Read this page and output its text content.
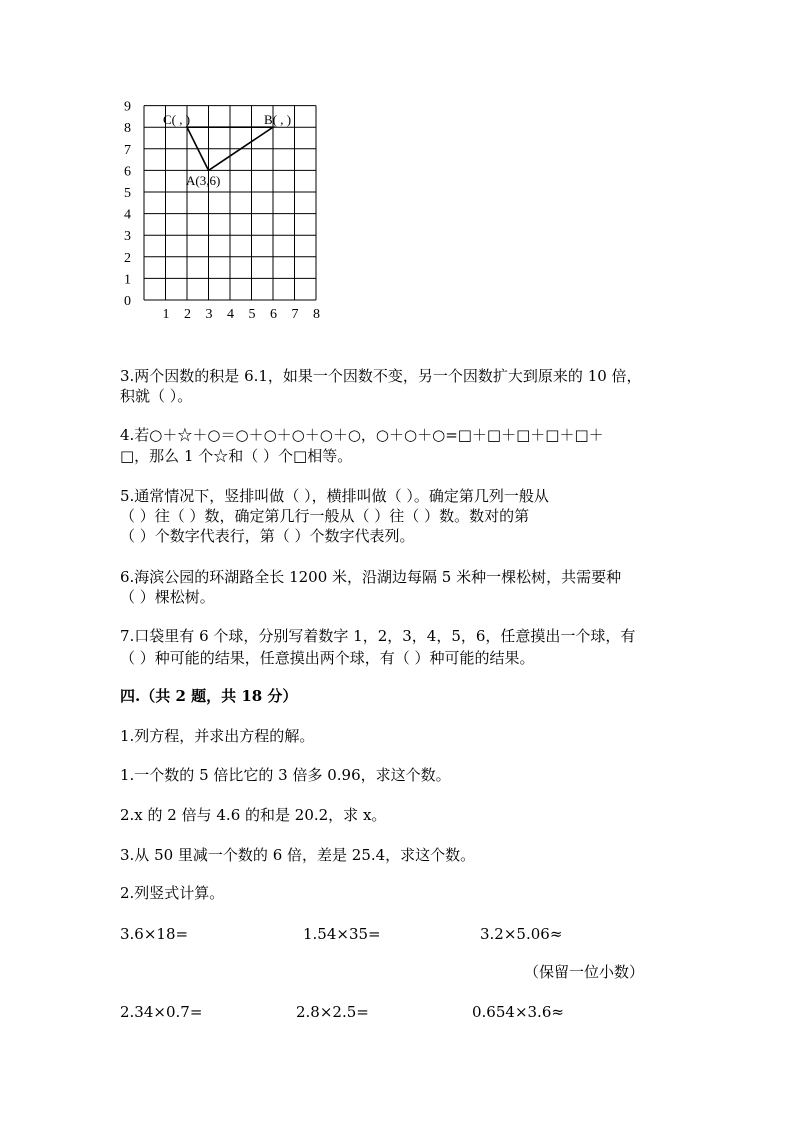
0
1
2
3
4
5
6
7
8
9
1 2 3 4 5 6 7 8
C( , )	B( , )
A(3,6)
3.两个因数的积是 6.1，如果一个因数不变，另一个因数扩大到原来的 10 倍，
积就（ ）。
4.若○＋☆＋○＝○＋○＋○＋○＋○，○＋○＋○=□＋□＋□＋□＋□＋
□，那么 1 个☆和（ ）个□相等。
5.通常情况下，竖排叫做（ ），横排叫做（ ）。确定第几列一般从
（ ）往（ ）数，确定第几行一般从（ ）往（ ）数。数对的第
（ ）个数字代表行，第（ ）个数字代表列。
6.海滨公园的环湖路全长 1200 米，沿湖边每隔 5 米种一棵松树，共需要种
（ ）棵松树。
7.口袋里有 6 个球，分别写着数字 1，2，3，4，5，6，任意摸出一个球，有
（ ）种可能的结果，任意摸出两个球，有（ ）种可能的结果。
四.（共 2 题，共 18 分）
1.列方程，并求出方程的解。
1.一个数的 5 倍比它的 3 倍多 0.96，求这个数。
2.x 的 2 倍与 4.6 的和是 20.2，求 x。
3.从 50 里减一个数的 6 倍，差是 25.4，求这个数。
2.列竖式计算。
3.6×18=	1.54×35=	3.2×5.06≈
（保留一位小数）
2.34×0.7=	2.8×2.5=	0.654×3.6≈
